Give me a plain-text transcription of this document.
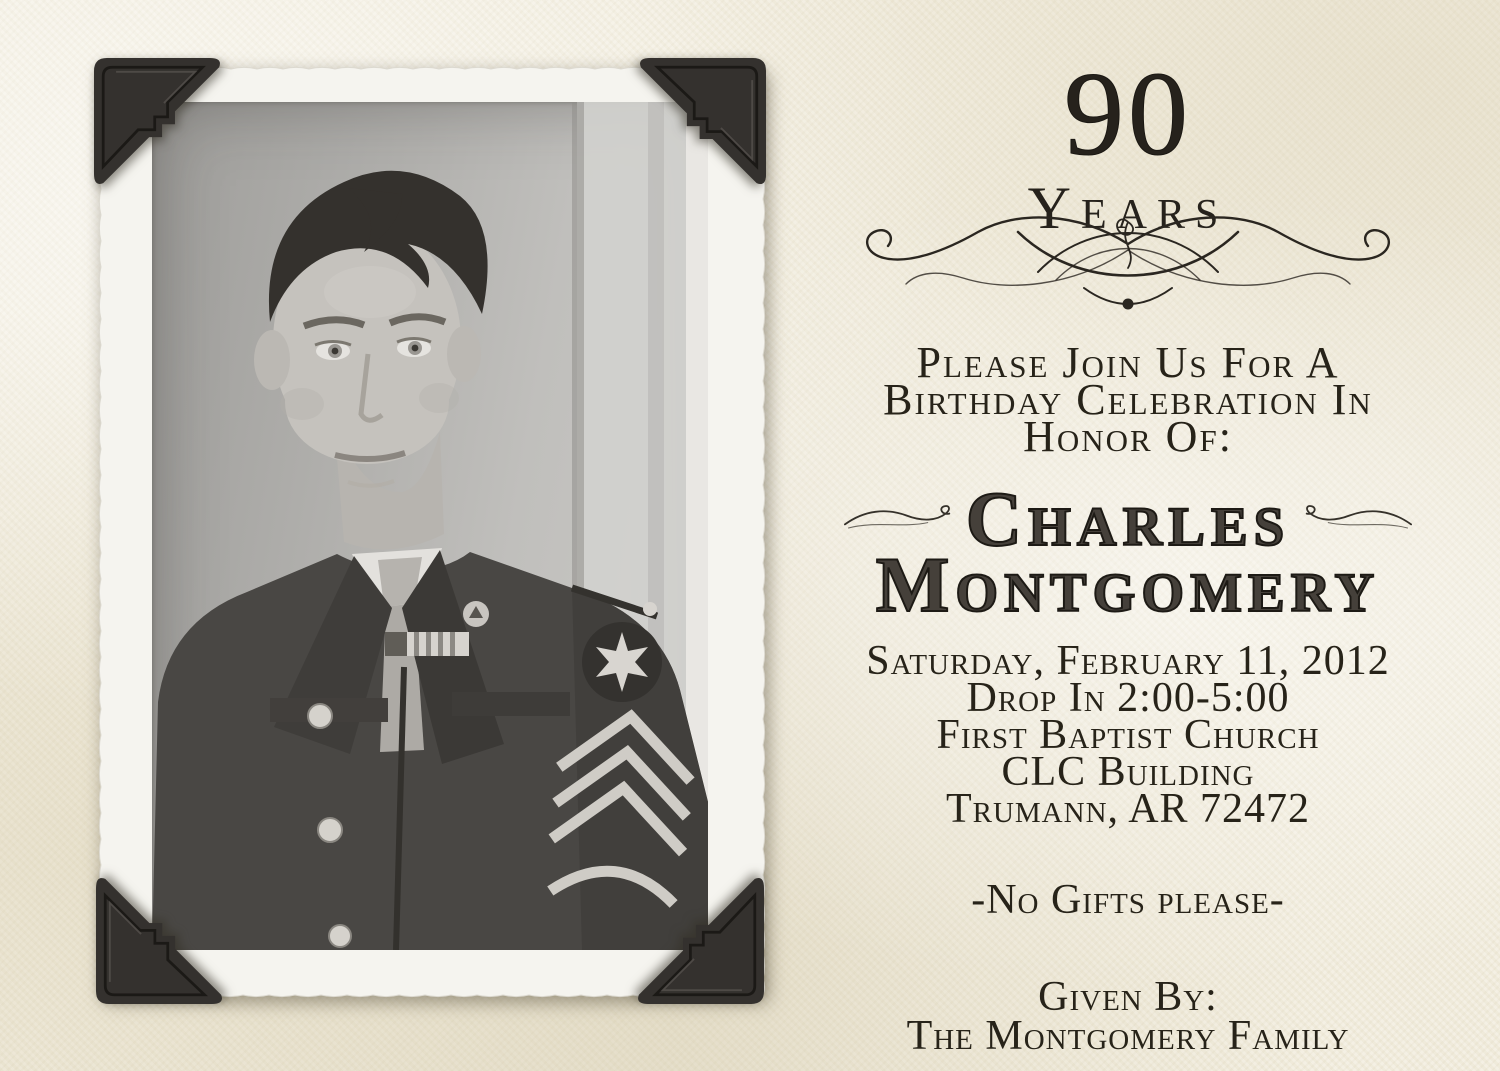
90
Years
Please Join Us For A
Birthday Celebration In
Honor Of:
Charles
Montgomery
Saturday, February 11, 2012
Drop In 2:00-5:00
First Baptist Church
CLC Building
Trumann, AR 72472
-No Gifts please-
Given By:
The Montgomery Family
